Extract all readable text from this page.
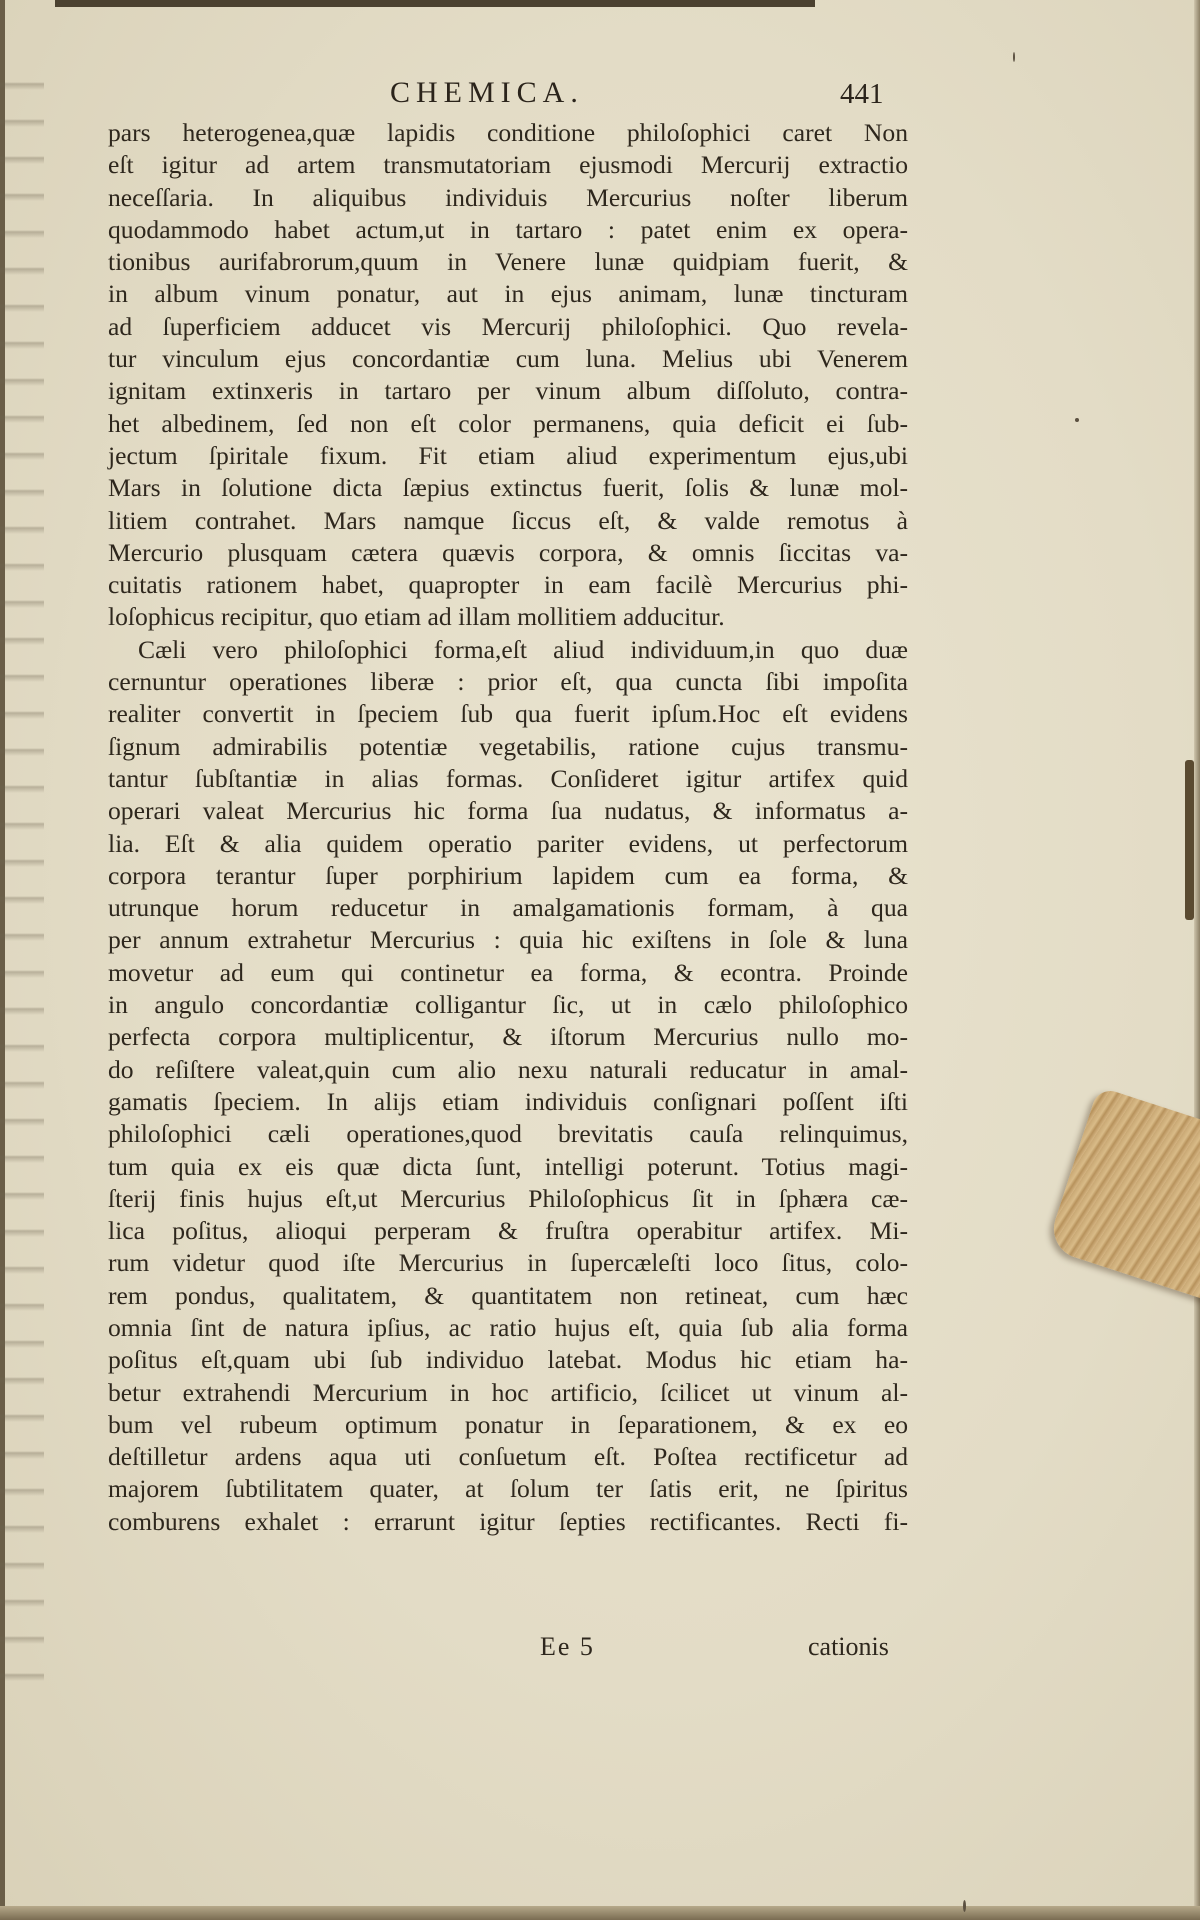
CHEMICA.	441
pars heterogenea,quæ lapidis conditione philoſophici caret Non
eſt igitur ad artem transmutatoriam ejusmodi Mercurij extractio
neceſſaria. In aliquibus individuis Mercurius noſter liberum
quodammodo habet actum,ut in tartaro : patet enim ex opera-
tionibus aurifabrorum,quum in Venere lunæ quidpiam fuerit, &
in album vinum ponatur, aut in ejus animam, lunæ tincturam
ad ſuperficiem adducet vis Mercurij philoſophici. Quo revela-
tur vinculum ejus concordantiæ cum luna. Melius ubi Venerem
ignitam extinxeris in tartaro per vinum album diſſoluto, contra-
het albedinem, ſed non eſt color permanens, quia deficit ei ſub-
jectum ſpiritale fixum. Fit etiam aliud experimentum ejus,ubi
Mars in ſolutione dicta ſæpius extinctus fuerit, ſolis & lunæ mol-
litiem contrahet. Mars namque ſiccus eſt, & valde remotus à
Mercurio plusquam cætera quævis corpora, & omnis ſiccitas va-
cuitatis rationem habet, quapropter in eam facilè Mercurius phi-
loſophicus recipitur, quo etiam ad illam mollitiem adducitur.
Cæli vero philoſophici forma,eſt aliud individuum,in quo duæ
cernuntur operationes liberæ : prior eſt, qua cuncta ſibi impoſita
realiter convertit in ſpeciem ſub qua fuerit ipſum.Hoc eſt evidens
ſignum admirabilis potentiæ vegetabilis, ratione cujus transmu-
tantur ſubſtantiæ in alias formas. Conſideret igitur artifex quid
operari valeat Mercurius hic forma ſua nudatus, & informatus a-
lia. Eſt & alia quidem operatio pariter evidens, ut perfectorum
corpora terantur ſuper porphirium lapidem cum ea forma, &
utrunque horum reducetur in amalgamationis formam, à qua
per annum extrahetur Mercurius : quia hic exiſtens in ſole & luna
movetur ad eum qui continetur ea forma, & econtra. Proinde
in angulo concordantiæ colligantur ſic, ut in cælo philoſophico
perfecta corpora multiplicentur, & iſtorum Mercurius nullo mo-
do reſiſtere valeat,quin cum alio nexu naturali reducatur in amal-
gamatis ſpeciem. In alijs etiam individuis conſignari poſſent iſti
philoſophici cæli operationes,quod brevitatis cauſa relinquimus,
tum quia ex eis quæ dicta ſunt, intelligi poterunt. Totius magi-
ſterij finis hujus eſt,ut Mercurius Philoſophicus ſit in ſphæra cæ-
lica poſitus, alioqui perperam & fruſtra operabitur artifex. Mi-
rum videtur quod iſte Mercurius in ſupercæleſti loco ſitus, colo-
rem pondus, qualitatem, & quantitatem non retineat, cum hæc
omnia ſint de natura ipſius, ac ratio hujus eſt, quia ſub alia forma
poſitus eſt,quam ubi ſub individuo latebat. Modus hic etiam ha-
betur extrahendi Mercurium in hoc artificio, ſcilicet ut vinum al-
bum vel rubeum optimum ponatur in ſeparationem, & ex eo
deſtilletur ardens aqua uti conſuetum eſt. Poſtea rectificetur ad
majorem ſubtilitatem quater, at ſolum ter ſatis erit, ne ſpiritus
comburens exhalet : errarunt igitur ſepties rectificantes. Recti fi-
Ee 5	cationis
